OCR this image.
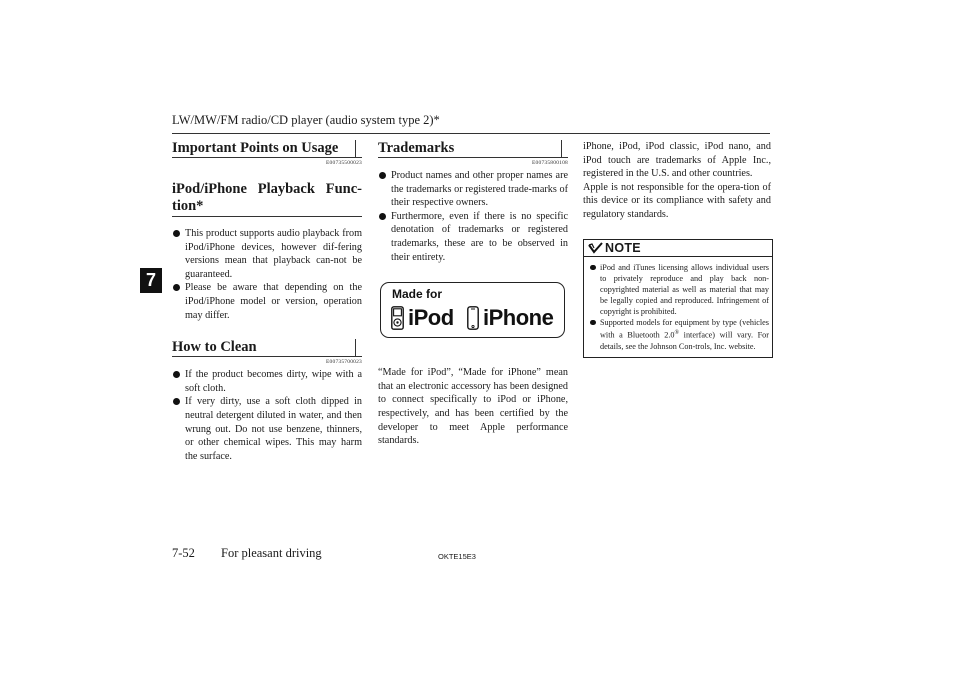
LW/MW/FM radio/CD player (audio system type 2)*
7
Important Points on Usage
E00735500023
iPod/iPhone Playback Func-tion*
This product supports audio playback from iPod/iPhone devices, however dif-fering versions mean that playback can-not be guaranteed.
Please be aware that depending on the iPod/iPhone model or version, operation may differ.
How to Clean
E00735700023
If the product becomes dirty, wipe with a soft cloth.
If very dirty, use a soft cloth dipped in neutral detergent diluted in water, and then wrung out. Do not use benzene, thinners, or other chemical wipes. This may harm the surface.
Trademarks
E00735800108
Product names and other proper names are the trademarks or registered trade-marks of their respective owners.
Furthermore, even if there is no specific denotation of trademarks or registered trademarks, these are to be observed in their entirety.
Made for
iPod iPhone

“Made for iPod”, “Made for iPhone” mean that an electronic accessory has been designed to connect specifically to iPod or iPhone, respectively, and has been certified by the developer to meet Apple performance standards.

iPhone, iPod, iPod classic, iPod nano, and iPod touch are trademarks of Apple Inc., registered in the U.S. and other countries.

Apple is not responsible for the opera-tion of this device or its compliance with safety and regulatory standards.

NOTE
iPod and iTunes licensing allows individual users to privately reproduce and play back non- copyrighted material as well as material that may be legally copied and reproduced. Infringement of copyright is prohibited.
Supported models for equipment by type (vehicles with a Bluetooth 2.0® interface) will vary. For details, see the Johnson Con-trols, Inc. website.
7-52 For pleasant driving	OKTE15E3
